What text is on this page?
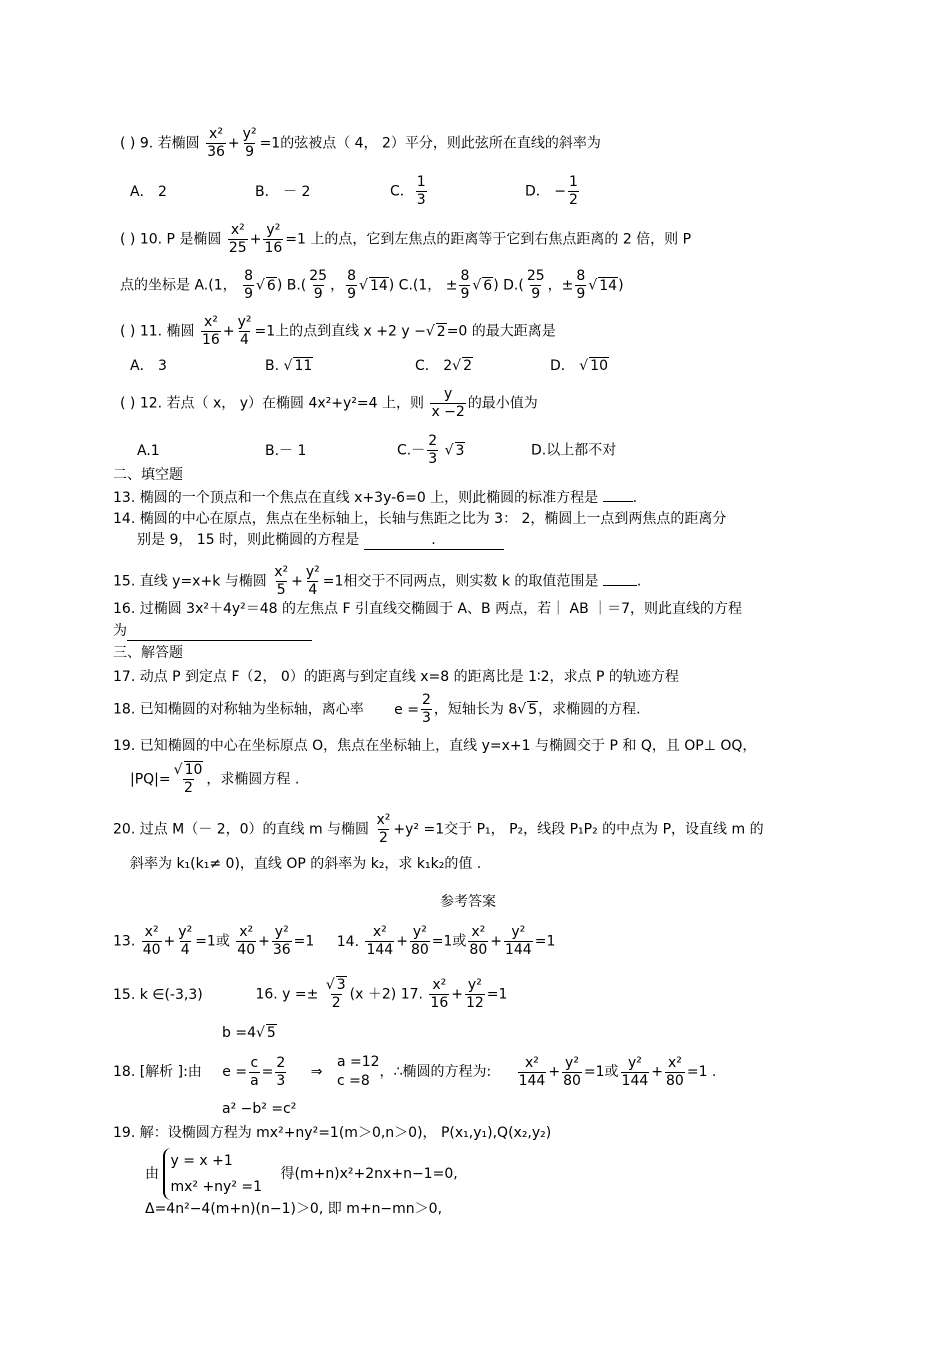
( ) 9. 若椭圆 $\frac{\text{x²}}{36} + \frac{\text{y²}}{9} =1$的弦被点（ 4， 2）平分，则此弦所在直线的斜率为
A． 2	B． － 2	C． $\frac{1}{3}$	D． − $\frac{1}{2}$
( ) 10. P 是椭圆 $\frac{\text{x²}}{25} + \frac{\text{y²}}{16} =1$ 上的点，它到左焦点的距离等于它到右焦点距离的 2 倍，则 P
点的坐标是 A.(1， $\frac{8}{9}$ √ 6) $B.( \frac{25}{9}$ ， $\frac{8}{9}$ √ 14) C.(1， ± $\frac{8}{9}$ √ 6) $D.( \frac{25}{9}$ ，± $\frac{8}{9}$ √ 14)
( ) 11. 椭圆 $\frac{\text{x²}}{16} + \frac{\text{y²}}{4} =1$上的点到直线 x +2 y −√ 2=0 的最大距离是
A． 3	B. √ 11	C． 2√ 2	D． √ 10
( ) 12. 若点（ x， y）在椭圆 4x²+y²=4 上，则 $\frac{y}{x -2}$ 的最小值为
A.1	B.－ 1	$C.- \frac{2}{3}$ √ 3	D.以上都不对
二、填空题
13. 椭圆的一个顶点和一个焦点在直线 x+3y-6=0 上，则此椭圆的标准方程是 .
14. 椭圆的中心在原点，焦点在坐标轴上，长轴与焦距之比为 3： 2，椭圆上一点到两焦点的距离分
别是 9， 15 时，则此椭圆的方程是	.
15. 直线 y=x+k 与椭圆 $\frac{\text{x²}}{5} + \frac{\text{y²}}{4} =1$相交于不同两点，则实数 k 的取值范围是	.
16. 过椭圆 3x²＋4y²＝48 的左焦点 F 引直线交椭圆于 A、B 两点，若｜ AB ｜＝7，则此直线的方程
为
三、解答题
17. 动点 P 到定点 F（2， 0）的距离与到定直线 x=8 的距离比是 1∶2，求点 P 的轨迹方程
18. 已知椭圆的对称轴为坐标轴，离心率 $e = \frac{2}{3}$ ，短轴长为 8√ 5，求椭圆的方程.
19. 已知椭圆的中心在坐标原点 O，焦点在坐标轴上，直线 y=x+1 与椭圆交于 P 和 Q，且 OP⊥ OQ，
$|PQ|= \frac{√ 10}{2}$ ，求椭圆方程 .
20. 过点 M（－ 2，0）的直线 m 与椭圆 $\frac{\text{x²}}{2} +y^2 =1$交于 P₁， P₂，线段 P₁P₂ 的中点为 P，设直线 m 的
斜率为 k₁(k₁≠ 0)，直线 OP 的斜率为 k₂，求 k₁k₂的值 .
参考答案
13. $\frac{\text{x²}}{40} + \frac{\text{y²}}{4} =1$或 $\frac{\text{x²}}{40} + \frac{\text{y²}}{36} =1$ 14. $\frac{\text{x²}}{144} + \frac{\text{y²}}{80} =1$或 $\frac{\text{x²}}{80} + \frac{\text{y²}}{144} =1$
15. k ∈(-3,3)	16. $y =\pm \frac{√ 3}{2} (x +2)$ 17. $\frac{\text{x²}}{16} + \frac{\text{y²}}{12} =1$
b =4√ 5
18. [解析 ]:由 $e = \frac{c}{a} = \frac{2}{3}$ ⇒ a =12
c =8，∴椭圆的方程为: $\frac{\text{x²}}{144} + \frac{\text{y²}}{80} =1$或 $\frac{\text{y²}}{144} + \frac{\text{x²}}{80} =1$ .
a² −b² =c²
19. 解：设椭圆方程为 mx²+ny²=1(m＞0,n＞0)， P(x₁,y₁),Q(x₂,y₂)
由 y = x +1
mx² +ny² =1 得(m+n)x²+2nx+n−1=0,
Δ=4n²−4(m+n)(n−1)＞0, 即 m+n−mn＞0,
